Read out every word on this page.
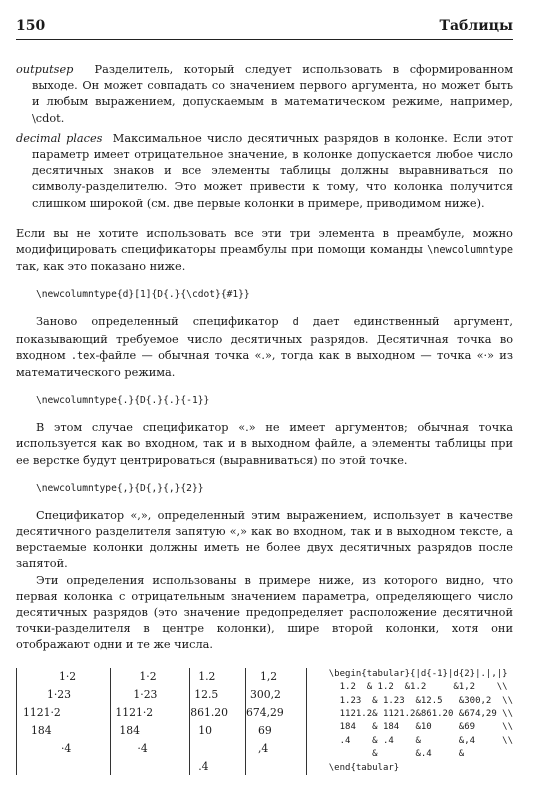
150	Таблицы

outputsep Разделитель, который следует использовать в сформированном выходе. Он может совпадать со значением первого аргумента, но может быть и любым выражением, допускаемым в математическом режиме, например, \cdot.

decimal places Максимальное число десятичных разрядов в колонке. Если этот параметр имеет отрицательное значение, в колонке допускается любое число десятичных знаков и все элементы таблицы должны выравниваться по символу-разделителю. Это может привести к тому, что колонка получится слишком широкой (см. две первые колонки в примере, приводимом ниже).

Если вы не хотите использовать все эти три элемента в преамбуле, можно модифицировать спецификаторы преамбулы при помощи команды \newcolumntype так, как это показано ниже.

\newcolumntype{d}[1]{D{.}{\cdot}{#1}}

Заново определенный спецификатор d дает единственный аргумент, показывающий требуемое число десятичных разрядов. Десятичная точка во входном .tex-файле — обычная точка «.», тогда как в выходном — точка «·» из математического режима.

\newcolumntype{.}{D{.}{.}{-1}}

В этом случае спецификатор «.» не имеет аргументов; обычная точка используется как во входном, так и в выходном файле, а элементы таблицы при ее верстке будут центрироваться (выравниваться) по этой точке.

\newcolumntype{,}{D{,}{,}{2}}

Спецификатор «,», определенный этим выражением, использует в качестве десятичного разделителя запятую «,» как во входном, так и в выходном тексте, а верстаемые колонки должны иметь не более двух десятичных разрядов после запятой.

Эти определения использованы в примере ниже, из которого видно, что первая колонка с отрицательным значением параметра, определяющего число десятичных разрядов (это значение предопределяет расположение десятичной точки-разделителя в центре колонки), шире второй колонки, хотя они отображают одни и те же числа.

1·2	1·2	1.2	1,2
1·23	1·23	12.5	300,2
1121·2	1121·2	861.20	674,29
184	184	10	69
·4	·4		,4
		.4	
\begin{tabular}{|d{-1}|d{2}|.|,|}
1.2  & 1.2  &1.2     &1,2    \\
1.23  & 1.23  &12.5   &300,2  \\
1121.2& 1121.2&861.20 &674,29 \\
184   & 184   &10     &69     \\
.4    & .4    &       &,4     \\
&       &.4     &
\end{tabular}
